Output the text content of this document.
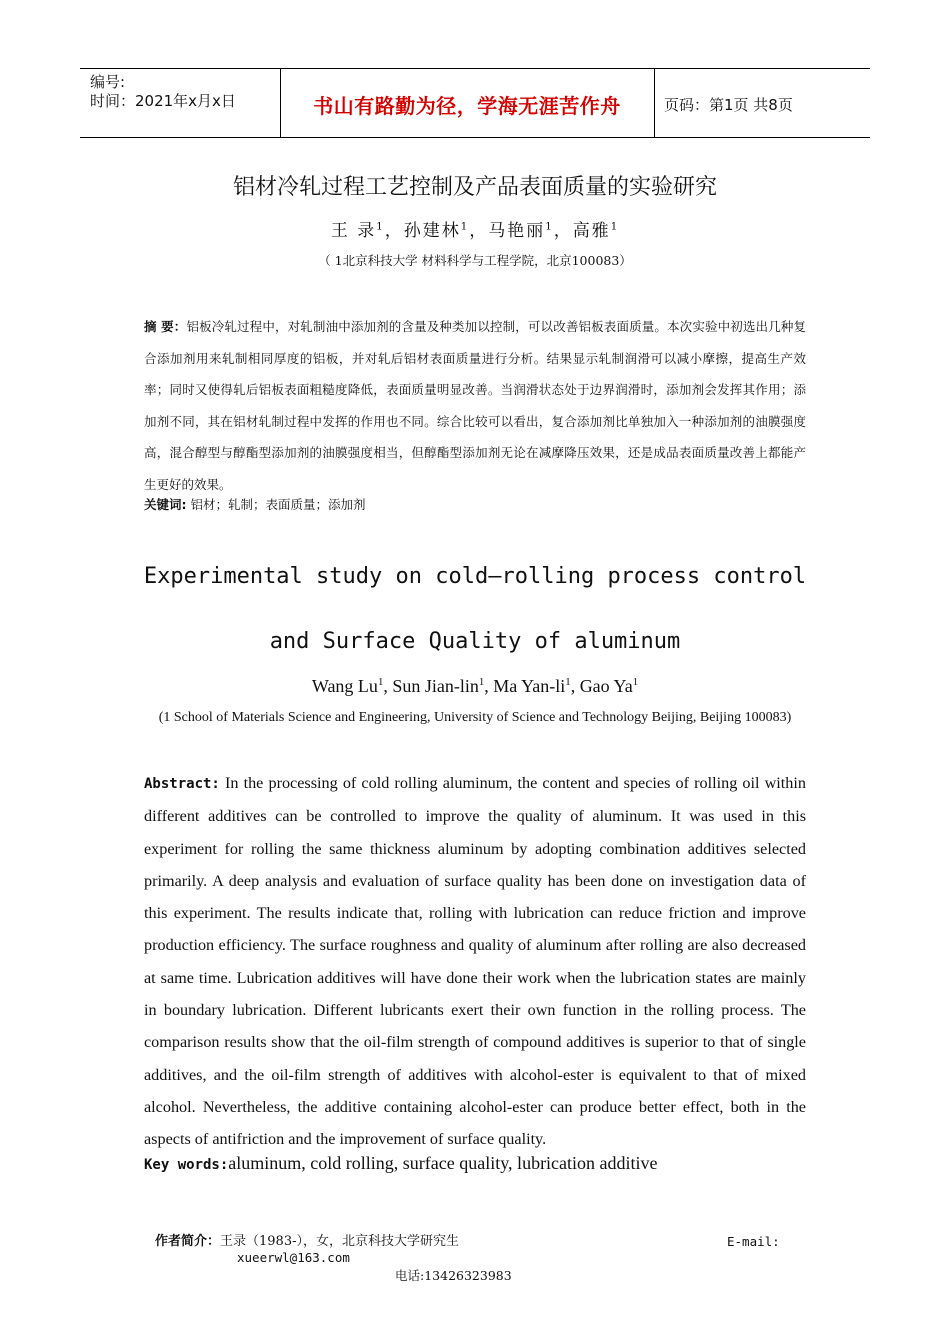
编号:
时间：2021年x月x日	书山有路勤为径，学海无涯苦作舟	页码：第1页 共8页
铝材冷轧过程工艺控制及产品表面质量的实验研究
王 录$^1$，孙建林$^1$，马艳丽$^1$，高雅$^1$
（ 1北京科技大学 材料科学与工程学院，北京100083）
摘 要：铝板冷轧过程中，对轧制油中添加剂的含量及种类加以控制，可以改善铝板表面质量。本次实验中初选出几种复合添加剂用来轧制相同厚度的铝板，并对轧后铝材表面质量进行分析。结果显示轧制润滑可以减小摩擦，提高生产效率；同时又使得轧后铝板表面粗糙度降低，表面质量明显改善。当润滑状态处于边界润滑时，添加剂会发挥其作用；添加剂不同，其在铝材轧制过程中发挥的作用也不同。综合比较可以看出，复合添加剂比单独加入一种添加剂的油膜强度高，混合醇型与醇酯型添加剂的油膜强度相当，但醇酯型添加剂无论在减摩降压效果，还是成品表面质量改善上都能产生更好的效果。
关键词: 铝材；轧制；表面质量；添加剂
Experimental study on cold—rolling process control
and Surface Quality of aluminum
Wang Lu$^1$, Sun Jian-lin$^1$, Ma Yan-$li^1$, Gao Ya$^1$
(1 School of Materials Science and Engineering, University of Science and Technology Beijing, Beijing 100083)
Abstract: In the processing of cold rolling aluminum, the content and species of rolling oil within different additives can be controlled to improve the quality of aluminum. It was used in this experiment for rolling the same thickness aluminum by adopting combination additives selected primarily. A deep analysis and evaluation of surface quality has been done on investigation data of this experiment. The results indicate that, rolling with lubrication can reduce friction and improve production efficiency. The surface roughness and quality of aluminum after rolling are also decreased at same time. Lubrication additives will have done their work when the lubrication states are mainly in boundary lubrication. Different lubricants exert their own function in the rolling process. The comparison results show that the oil-film strength of compound additives is superior to that of single additives, and the oil-film strength of additives with alcohol-ester is equivalent to that of mixed alcohol. Nevertheless, the additive containing alcohol-ester can produce better effect, both in the aspects of antifriction and the improvement of surface quality.
Key words:aluminum, cold rolling, surface quality, lubrication additive
作者简介：王录（1983-），女，北京科技大学研究生	E-mail:
xueerwl@163.com
电话:13426323983
